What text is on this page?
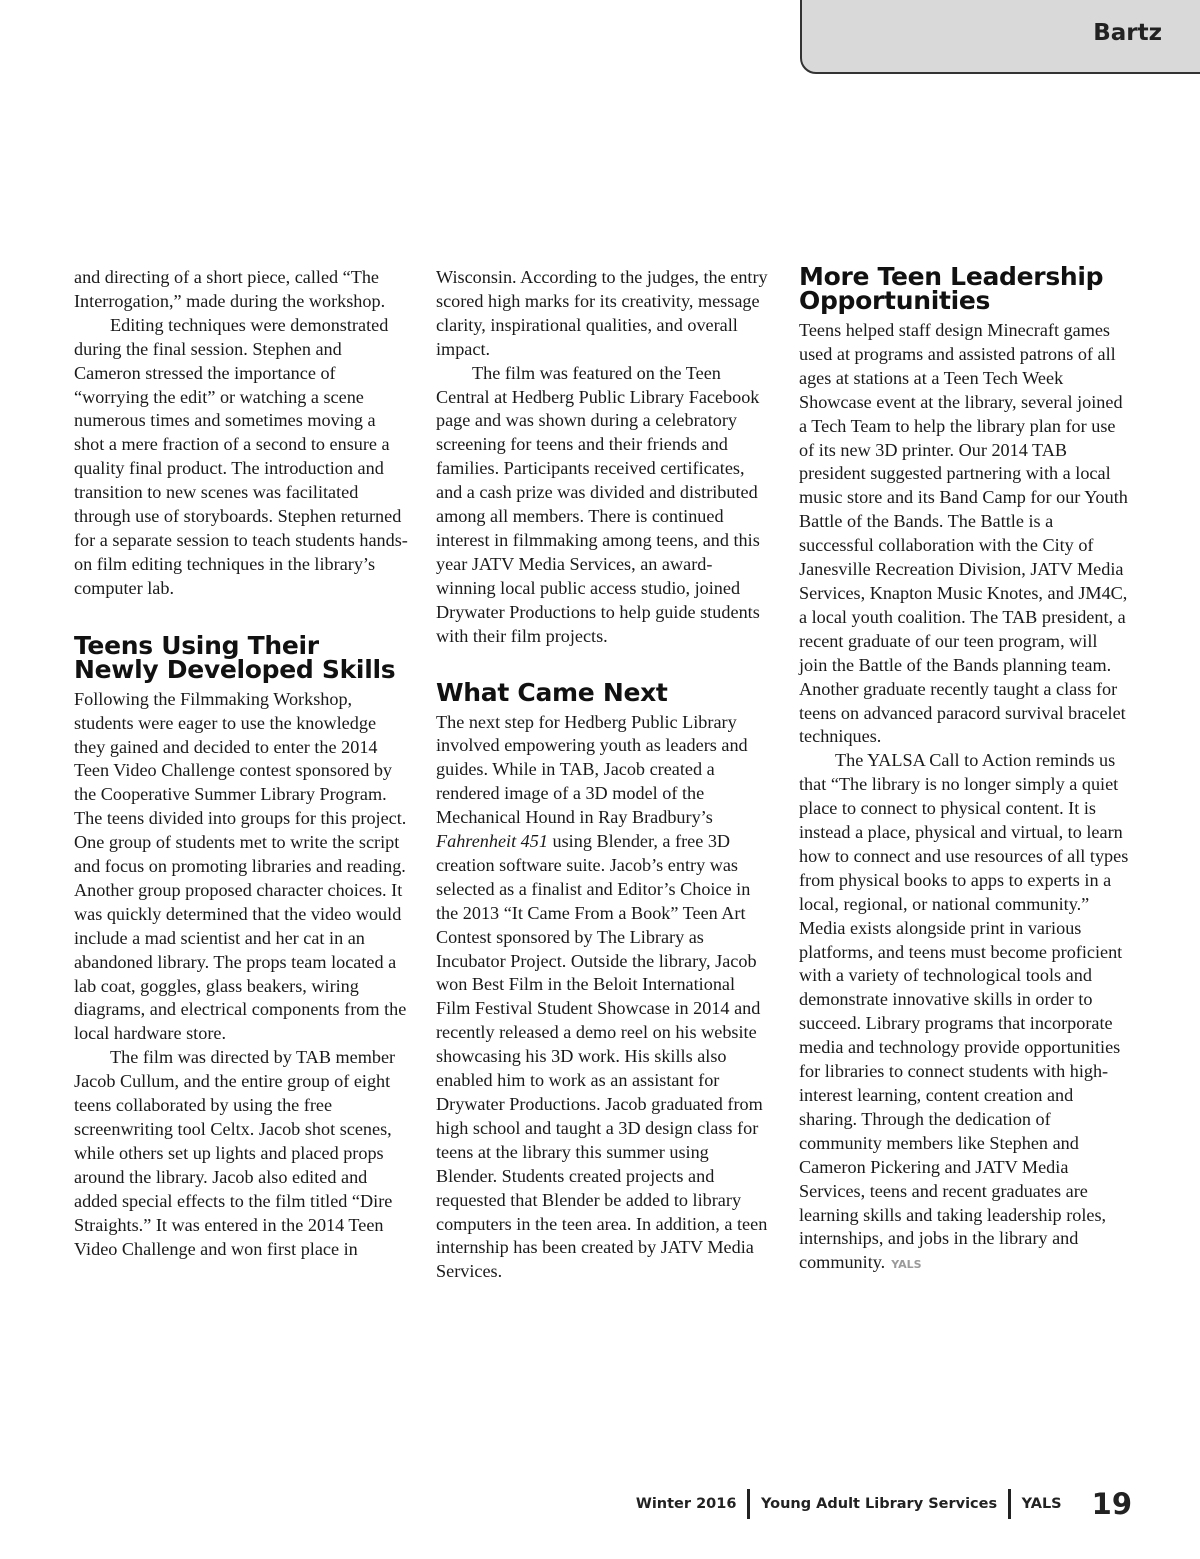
Bartz

and directing of a short piece, called “The Interrogation,” made during the workshop.

Editing techniques were demonstrated during the final session. Stephen and Cameron stressed the importance of “worrying the edit” or watching a scene numerous times and sometimes moving a shot a mere fraction of a second to ensure a quality final product. The introduction and transition to new scenes was facilitated through use of storyboards. Stephen returned for a separate session to teach students hands-on film editing techniques in the library’s computer lab.

Teens Using Their Newly Developed Skills

Following the Filmmaking Workshop, students were eager to use the knowledge they gained and decided to enter the 2014 Teen Video Challenge contest sponsored by the Cooperative Summer Library Program. The teens divided into groups for this project. One group of students met to write the script and focus on promoting libraries and reading. Another group proposed character choices. It was quickly determined that the video would include a mad scientist and her cat in an abandoned library. The props team located a lab coat, goggles, glass beakers, wiring diagrams, and electrical components from the local hardware store.

The film was directed by TAB member Jacob Cullum, and the entire group of eight teens collaborated by using the free screenwriting tool Celtx. Jacob shot scenes, while others set up lights and placed props around the library. Jacob also edited and added special effects to the film titled “Dire Straights.” It was entered in the 2014 Teen Video Challenge and won first place in

Wisconsin. According to the judges, the entry scored high marks for its creativity, message clarity, inspirational qualities, and overall impact.

The film was featured on the Teen Central at Hedberg Public Library Facebook page and was shown during a celebratory screening for teens and their friends and families. Participants received certificates, and a cash prize was divided and distributed among all members. There is continued interest in filmmaking among teens, and this year JATV Media Services, an award-winning local public access studio, joined Drywater Productions to help guide students with their film projects.

What Came Next

The next step for Hedberg Public Library involved empowering youth as leaders and guides. While in TAB, Jacob created a rendered image of a 3D model of the Mechanical Hound in Ray Bradbury’s Fahrenheit 451 using Blender, a free 3D creation software suite. Jacob’s entry was selected as a finalist and Editor’s Choice in the 2013 “It Came From a Book” Teen Art Contest sponsored by The Library as Incubator Project. Outside the library, Jacob won Best Film in the Beloit International Film Festival Student Showcase in 2014 and recently released a demo reel on his website showcasing his 3D work. His skills also enabled him to work as an assistant for Drywater Productions. Jacob graduated from high school and taught a 3D design class for teens at the library this summer using Blender. Students created projects and requested that Blender be added to library computers in the teen area. In addition, a teen internship has been created by JATV Media Services.

More Teen Leadership Opportunities

Teens helped staff design Minecraft games used at programs and assisted patrons of all ages at stations at a Teen Tech Week Showcase event at the library, several joined a Tech Team to help the library plan for use of its new 3D printer. Our 2014 TAB president suggested partnering with a local music store and its Band Camp for our Youth Battle of the Bands. The Battle is a successful collaboration with the City of Janesville Recreation Division, JATV Media Services, Knapton Music Knotes, and JM4C, a local youth coalition. The TAB president, a recent graduate of our teen program, will join the Battle of the Bands planning team. Another graduate recently taught a class for teens on advanced paracord survival bracelet techniques.

The YALSA Call to Action reminds us that “The library is no longer simply a quiet place to connect to physical content. It is instead a place, physical and virtual, to learn how to connect and use resources of all types from physical books to apps to experts in a local, regional, or national community.” Media exists alongside print in various platforms, and teens must become proficient with a variety of technological tools and demonstrate innovative skills in order to succeed. Library programs that incorporate media and technology provide opportunities for libraries to connect students with high-interest learning, content creation and sharing. Through the dedication of community members like Stephen and Cameron Pickering and JATV Media Services, teens and recent graduates are learning skills and taking leadership roles, internships, and jobs in the library and community. YALS

Winter 2016 Young Adult Library Services YALS 19
